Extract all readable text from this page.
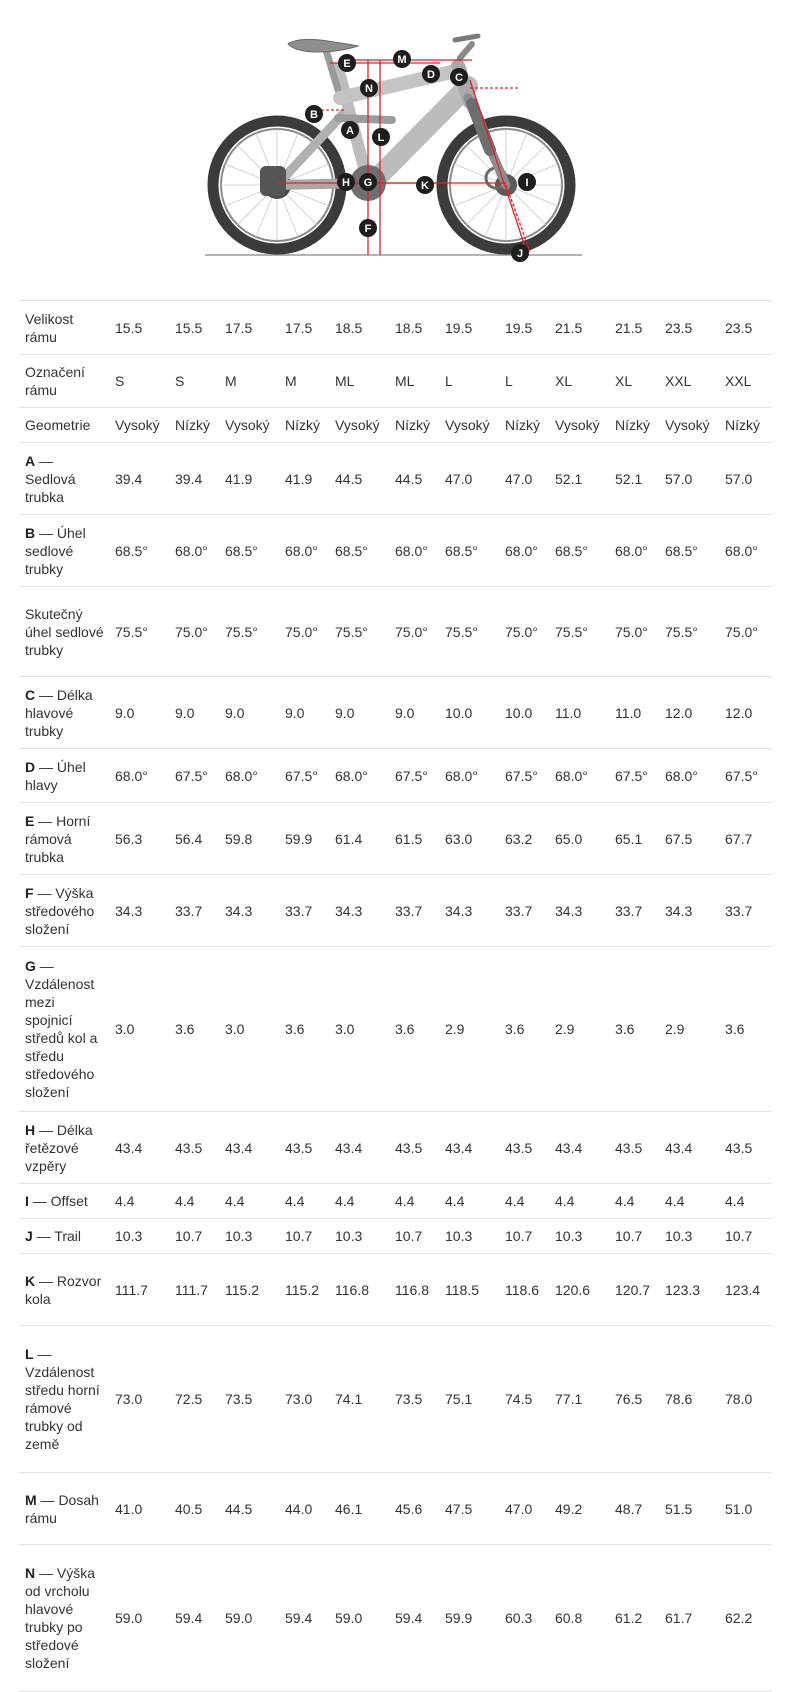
E	M
D C
N
B
A
L
H G	K	I
F
J
Velikost rámu	15.5	15.5	17.5	17.5	18.5	18.5	19.5	19.5	21.5	21.5	23.5	23.5
Označení rámu	S	S	M	M	ML	ML	L	L	XL	XL	XXL	XXL
Geometrie	Vysoký	Nízký	Vysoký	Nízký	Vysoký	Nízký	Vysoký	Nízký	Vysoký	Nízký	Vysoký	Nízký
A — Sedlová trubka	39.4	39.4	41.9	41.9	44.5	44.5	47.0	47.0	52.1	52.1	57.0	57.0
B — Úhel sedlové trubky	68.5°	68.0°	68.5°	68.0°	68.5°	68.0°	68.5°	68.0°	68.5°	68.0°	68.5°	68.0°
Skutečný úhel sedlové trubky	75.5°	75.0°	75.5°	75.0°	75.5°	75.0°	75.5°	75.0°	75.5°	75.0°	75.5°	75.0°
C — Délka hlavové trubky	9.0	9.0	9.0	9.0	9.0	9.0	10.0	10.0	11.0	11.0	12.0	12.0
D — Úhel hlavy	68.0°	67.5°	68.0°	67.5°	68.0°	67.5°	68.0°	67.5°	68.0°	67.5°	68.0°	67.5°
E — Horní rámová trubka	56.3	56.4	59.8	59.9	61.4	61.5	63.0	63.2	65.0	65.1	67.5	67.7
F — Výška středového složení	34.3	33.7	34.3	33.7	34.3	33.7	34.3	33.7	34.3	33.7	34.3	33.7
G — Vzdálenost mezi spojnicí středů kol a středu středového složení	3.0	3.6	3.0	3.6	3.0	3.6	2.9	3.6	2.9	3.6	2.9	3.6
H — Délka řetězové vzpěry	43.4	43.5	43.4	43.5	43.4	43.5	43.4	43.5	43.4	43.5	43.4	43.5
I — Offset	4.4	4.4	4.4	4.4	4.4	4.4	4.4	4.4	4.4	4.4	4.4	4.4
J — Trail	10.3	10.7	10.3	10.7	10.3	10.7	10.3	10.7	10.3	10.7	10.3	10.7
K — Rozvor kola	111.7	111.7	115.2	115.2	116.8	116.8	118.5	118.6	120.6	120.7	123.3	123.4
L — Vzdálenost středu horní rámové trubky od země	73.0	72.5	73.5	73.0	74.1	73.5	75.1	74.5	77.1	76.5	78.6	78.0
M — Dosah rámu	41.0	40.5	44.5	44.0	46.1	45.6	47.5	47.0	49.2	48.7	51.5	51.0
N — Výška od vrcholu hlavové trubky po středové složení	59.0	59.4	59.0	59.4	59.0	59.4	59.9	60.3	60.8	61.2	61.7	62.2
